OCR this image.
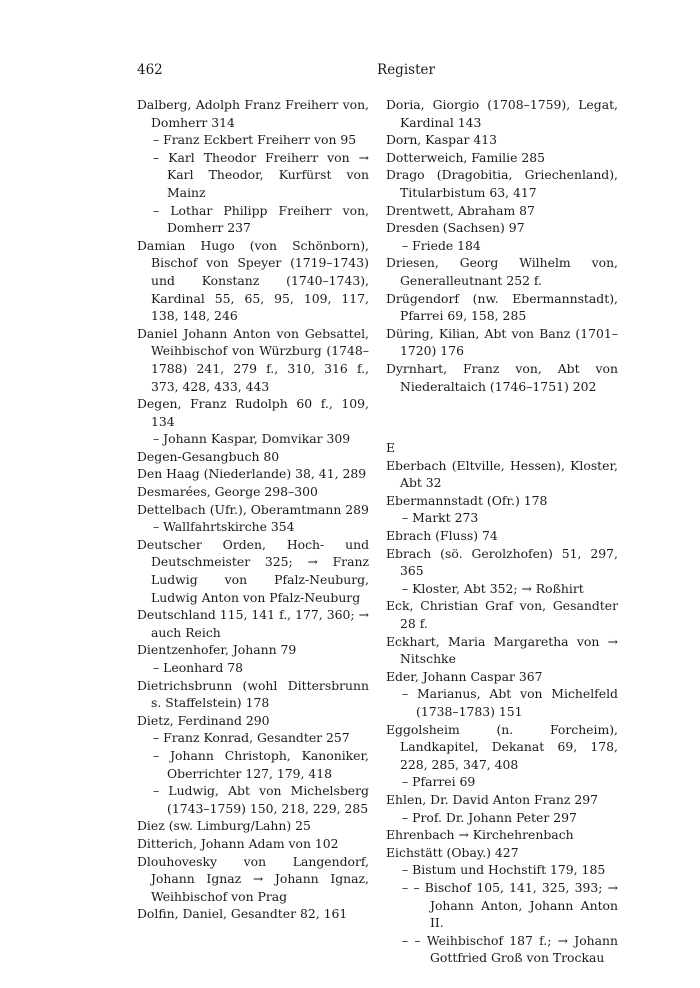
462	Register
Dalberg, Adolph Franz Freiherr von, Domherr 314
– Franz Eckbert Freiherr von 95
– Karl Theodor Freiherr von → Karl Theodor, Kurfürst von Mainz
– Lothar Philipp Freiherr von, Domherr 237
Damian Hugo (von Schönborn), Bischof von Speyer (1719–1743) und Konstanz (1740–1743), Kardinal 55, 65, 95, 109, 117, 138, 148, 246
Daniel Johann Anton von Gebsattel, Weihbischof von Würzburg (1748–1788) 241, 279 f., 310, 316 f., 373, 428, 433, 443
Degen, Franz Rudolph 60 f., 109, 134
– Johann Kaspar, Domvikar 309
Degen-Gesangbuch 80
Den Haag (Niederlande) 38, 41, 289
Desmarées, George 298–300
Dettelbach (Ufr.), Oberamtmann 289
– Wallfahrtskirche 354
Deutscher Orden, Hoch- und Deutschmeister 325; → Franz Ludwig von Pfalz-Neuburg, Ludwig Anton von Pfalz-Neuburg
Deutschland 115, 141 f., 177, 360; → auch Reich
Dientzenhofer, Johann 79
– Leonhard 78
Dietrichsbrunn (wohl Dittersbrunn s. Staffelstein) 178
Dietz, Ferdinand 290
– Franz Konrad, Gesandter 257
– Johann Christoph, Kanoniker, Oberrichter 127, 179, 418
– Ludwig, Abt von Michelsberg (1743–1759) 150, 218, 229, 285
Diez (sw. Limburg/Lahn) 25
Ditterich, Johann Adam von 102
Dlouhovesky von Langendorf, Johann Ignaz → Johann Ignaz, Weihbischof von Prag
Dolfin, Daniel, Gesandter 82, 161
Doria, Giorgio (1708–1759), Legat, Kardinal 143
Dorn, Kaspar 413
Dotterweich, Familie 285
Drago (Dragobitia, Griechenland), Titularbistum 63, 417
Drentwett, Abraham 87
Dresden (Sachsen) 97
– Friede 184
Driesen, Georg Wilhelm von, Generalleutnant 252 f.
Drügendorf (nw. Ebermannstadt), Pfarrei 69, 158, 285
Düring, Kilian, Abt von Banz (1701–1720) 176
Dyrnhart, Franz von, Abt von Niederaltaich (1746–1751) 202
E
Eberbach (Eltville, Hessen), Kloster, Abt 32
Ebermannstadt (Ofr.) 178
– Markt 273
Ebrach (Fluss) 74
Ebrach (sö. Gerolzhofen) 51, 297, 365
– Kloster, Abt 352; → Roßhirt
Eck, Christian Graf von, Gesandter 28 f.
Eckhart, Maria Margaretha von → Nitschke
Eder, Johann Caspar 367
– Marianus, Abt von Michelfeld (1738–1783) 151
Eggolsheim (n. Forcheim), Landkapitel, Dekanat 69, 178, 228, 285, 347, 408
– Pfarrei 69
Ehlen, Dr. David Anton Franz 297
– Prof. Dr. Johann Peter 297
Ehrenbach → Kirchehrenbach
Eichstätt (Obay.) 427
– Bistum und Hochstift 179, 185
– – Bischof 105, 141, 325, 393; → Johann Anton, Johann Anton II.
– – Weihbischof 187 f.; → Johann Gottfried Groß von Trockau
